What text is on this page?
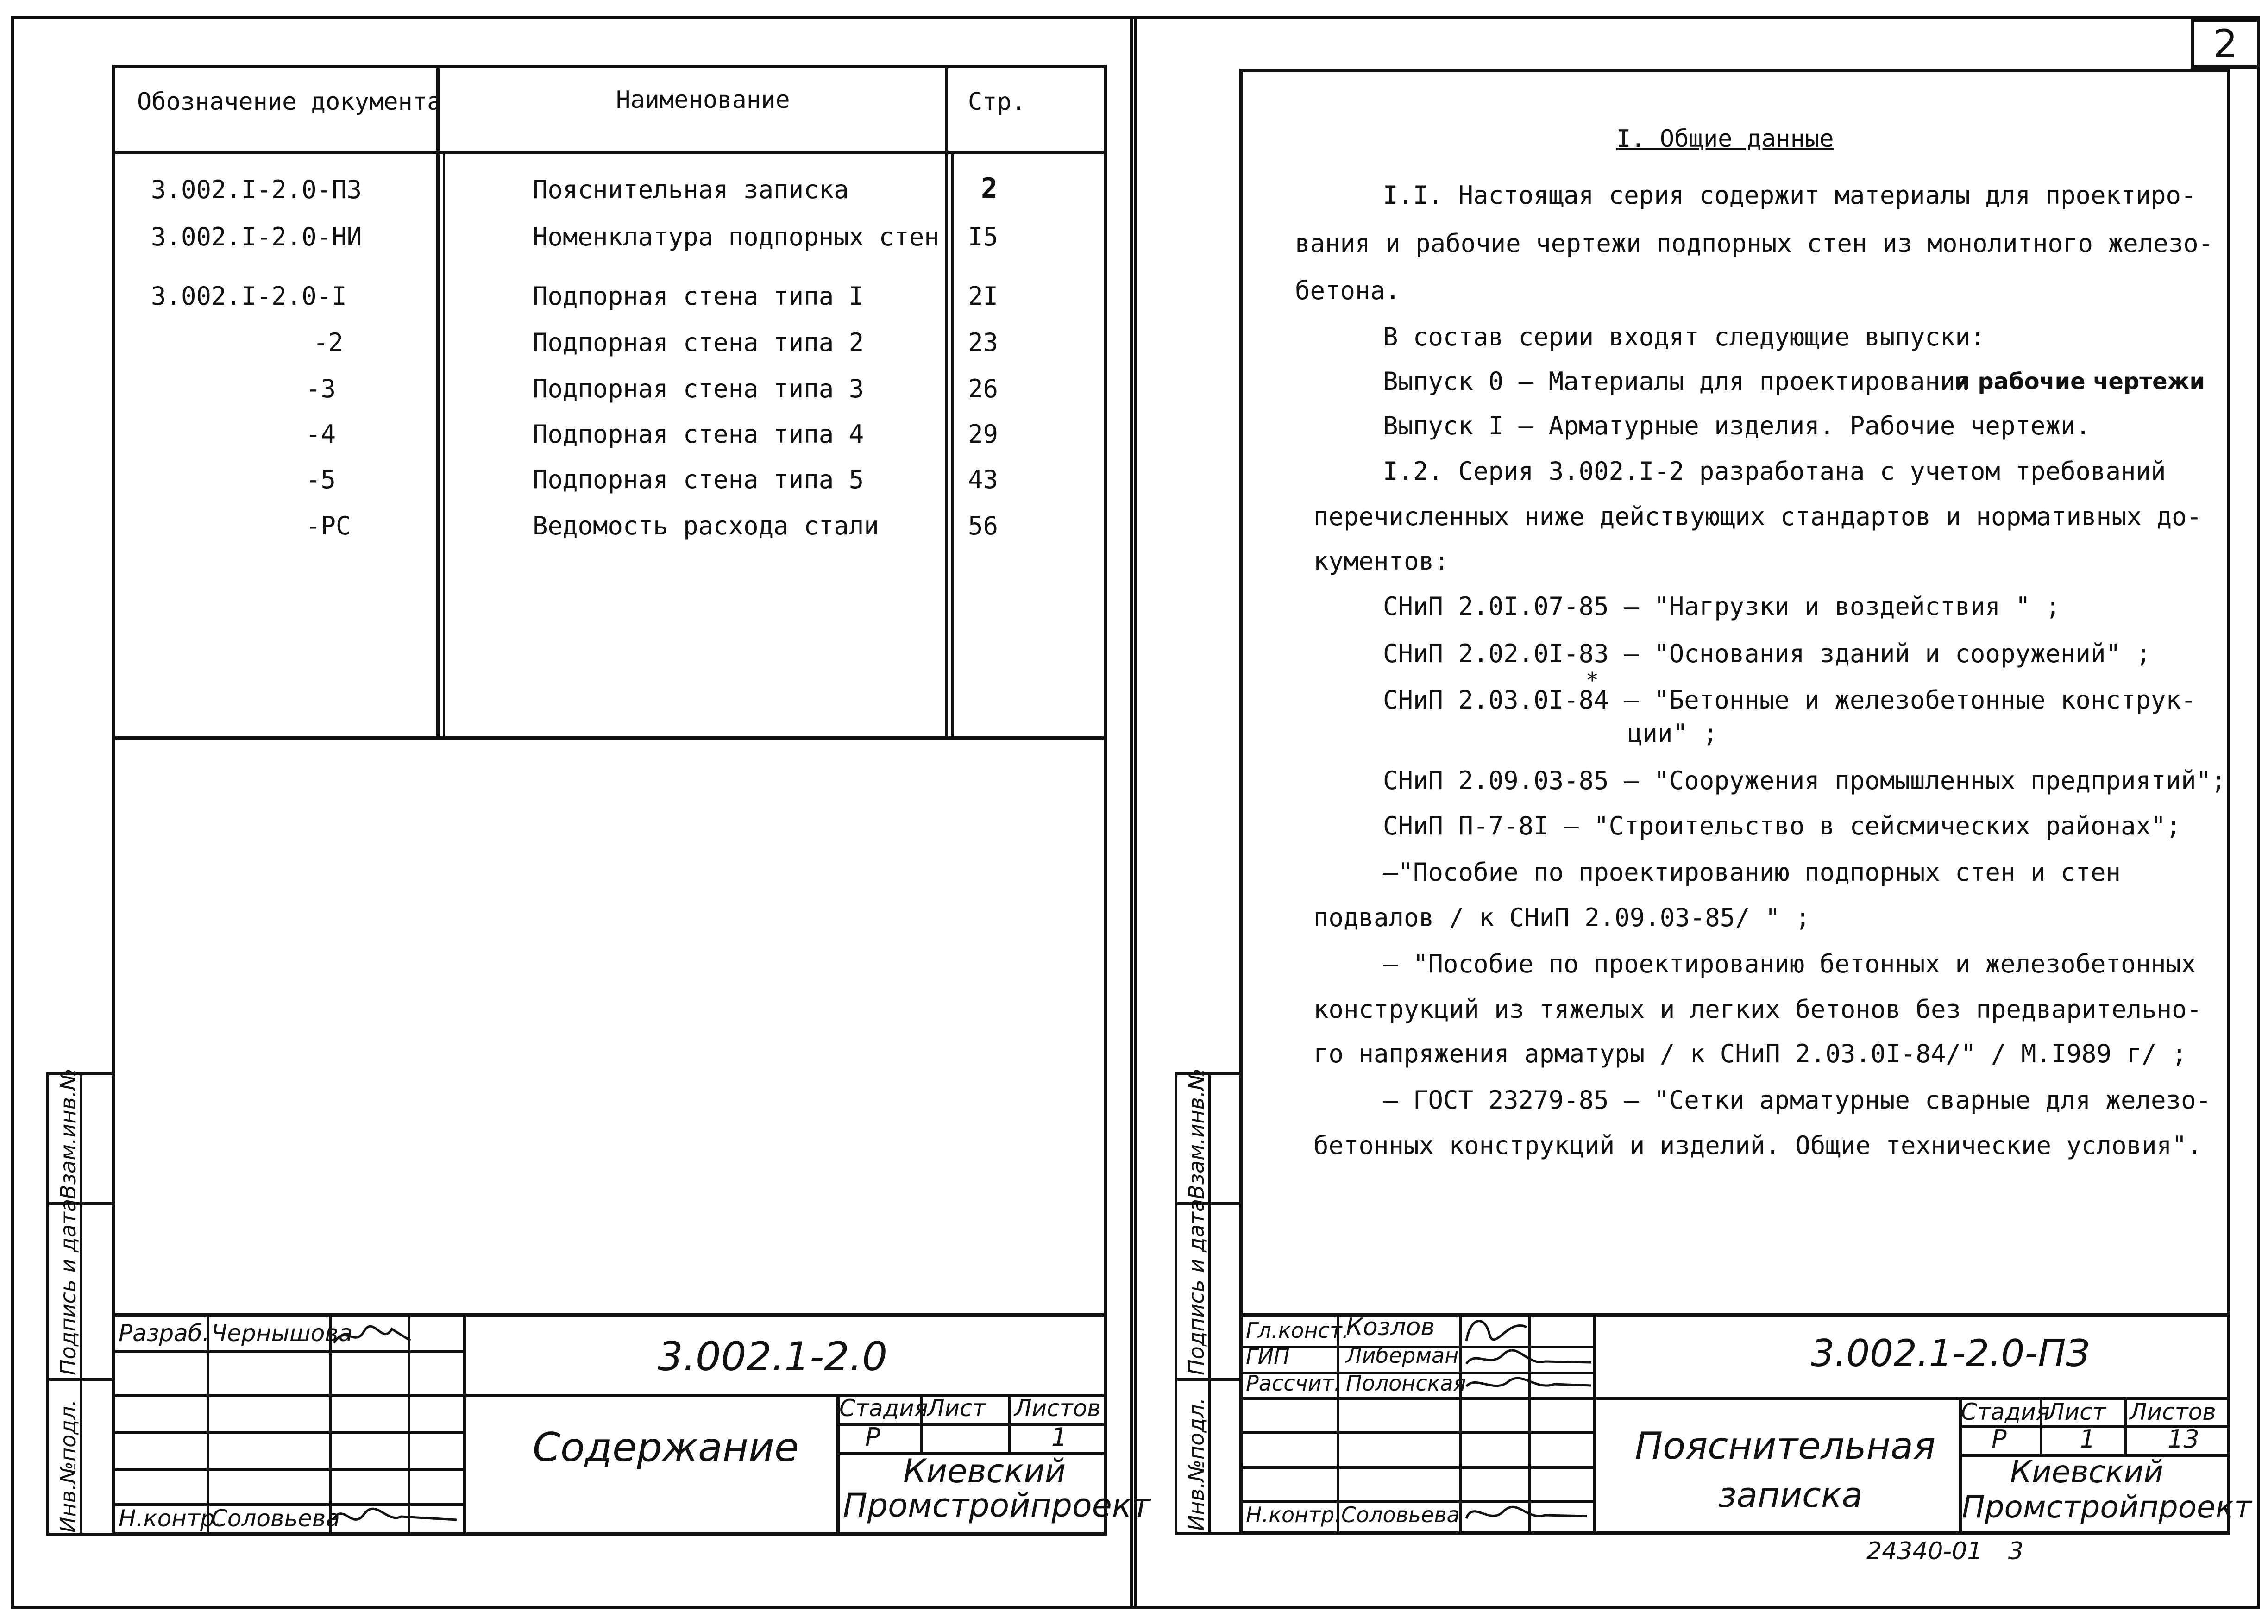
2
Обозначение документа	Наименование	Стр.
3.002.I-2.0-ПЗ	Пояснительная записка	2
3.002.I-2.0-НИ	Номенклатура подпорных стен I5
3.002.I-2.0-I	Подпорная стена типа I	2I
-2	Подпорная стена типа 2	23
-3	Подпорная стена типа 3	26
-4	Подпорная стена типа 4	29
-5	Подпорная стена типа 5	43
-РС	Ведомость расхода стали	56
Взам.инв.№
Подпись и дата
Инв.№подл.
Разраб. Чернышова
Н.контр.
Соловьева
3.002.1-2.0
Содержание
Стадия
Лист Листов
Р	1
Киевский
Промстройпроект
I. Общие данные
I.I. Настоящая серия содержит материалы для проектиро-
вания и рабочие чертежи подпорных стен из монолитного железо-
бетона.
В состав серии входят следующие выпуски:
Выпуск 0 – Материалы для проектирования
и рабочие чертежи
Выпуск I – Арматурные изделия. Рабочие чертежи.
I.2. Серия 3.002.I-2 разработана с учетом требований
перечисленных ниже действующих стандартов и нормативных до-
кументов:
СНиП 2.0I.07-85 – "Нагрузки и воздействия " ;
СНиП 2.02.0I-83 – "Основания зданий и сооружений" ;
СНиП 2.03.0I-84 – "Бетонные и железобетонные конструк-
*
ции" ;
СНиП 2.09.03-85 – "Сооружения промышленных предприятий";
СНиП П-7-8I – "Строительство в сейсмических районах";
–"Пособие по проектированию подпорных стен и стен
подвалов / к СНиП 2.09.03-85/ " ;
– "Пособие по проектированию бетонных и железобетонных
конструкций из тяжелых и легких бетонов без предварительно-
го напряжения арматуры / к СНиП 2.03.0I-84/" / М.I989 г/ ;
– ГОСТ 23279-85 – "Сетки арматурные сварные для железо-
бетонных конструкций и изделий. Общие технические условия".
Взам.инв.№
Подпись и дата
Инв.№подл.
Гл.конст.
Козлов
ГИП	Либерман
Рассчит. Полонская
Н.контр. Соловьева
3.002.1-2.0-ПЗ
Пояснительная
записка
Стадия
Лист Листов
Р	1	13
Киевский
Промстройпроект
24340-01 3
